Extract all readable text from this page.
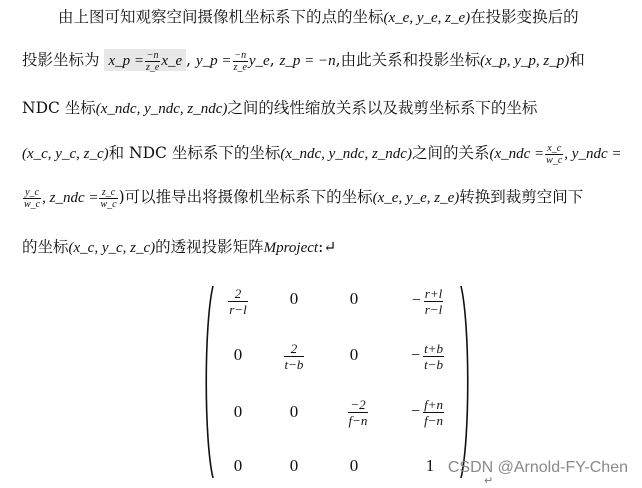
由上图可知观察空间摄像机坐标系下的点的坐标(x_e, y_e, z_e)在投影变换后的
投影坐标为 x_p = $\frac{-n}{z\_e}$ x_e , y_p = $\frac{-n}{z\_e}$ y_e, z_p = −n,由此关系和投影坐标(x_p, y_p, z_p)和
NDC 坐标(x_ndc, y_ndc, z_ndc)之间的线性缩放关系以及裁剪坐标系下的坐标
(x_c, y_c, z_c)和 NDC 坐标系下的坐标(x_ndc, y_ndc, z_ndc)之间的关系(x_ndc = $\frac{x\_c}{w\_c}$ , y_ndc =
$\frac{y\_c}{w\_c}$ , z_ndc = $\frac{z\_c}{w\_c}$ )可以推导出将摄像机坐标系下的坐标(x_e, y_e, z_e)转换到裁剪空间下
的坐标(x_c, y_c, z_c)的透视投影矩阵Mproject:↵
$\frac{2}{r-l}$	0	0	− $\frac{r+l}{r-l}$
0	$\frac{2}{t-b}$	0	− $\frac{t+b}{t-b}$
0	0	$\frac{-2}{f-n}$	− $\frac{f+n}{f-n}$
0	0	0	1
↵
CSDN @Arnold-FY-Chen
